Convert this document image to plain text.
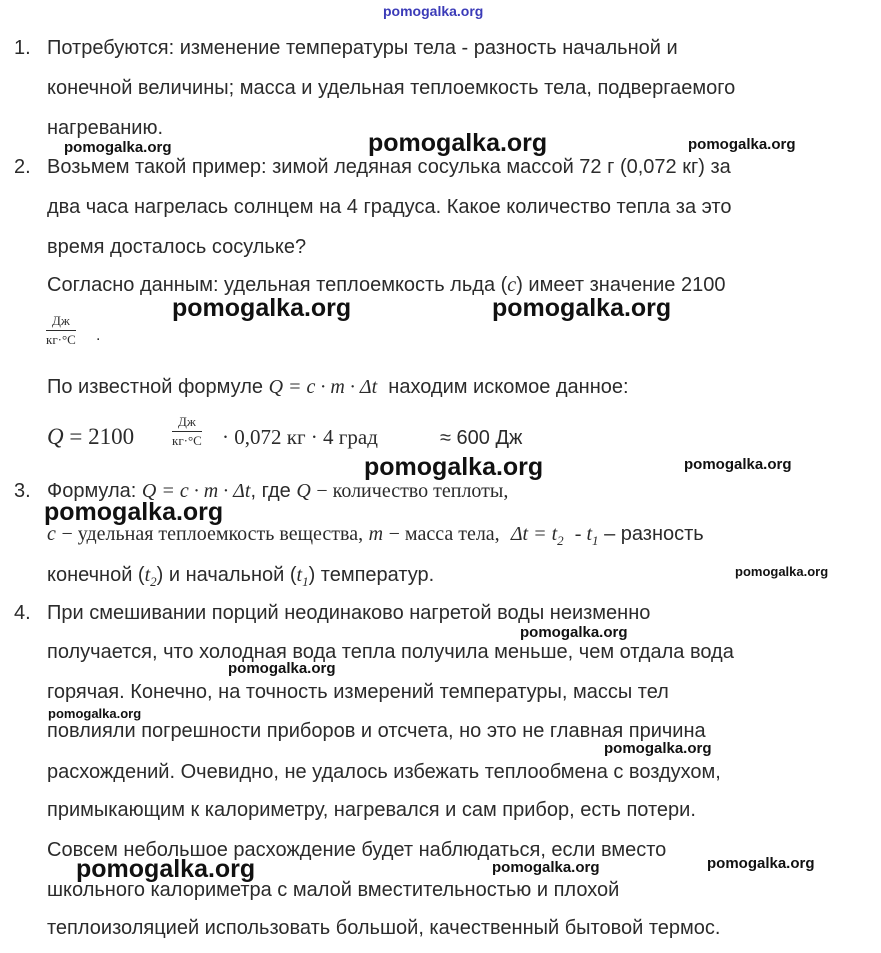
pomogalka.org
1. Потребуются: изменение температуры тела - разность начальной и
конечной величины; масса и удельная теплоемкость тела, подвергаемого
нагреванию.
2. Возьмем такой пример: зимой ледяная сосулька массой 72 г (0,072 кг) за
два часа нагрелась солнцем на 4 градуса. Какое количество тепла за это
время досталось сосульке?
Согласно данным: удельная теплоемкость льда (c) имеет значение 2100
Дж
кг·°C .
По известной формуле Q = c · m · Δt находим искомое данное:
Q = 2100
Дж
кг·°C · 0,072 кг · 4 град	≈ 600 Дж
3. Формула: Q = c · m · Δt, где Q − количество теплоты,
c − удельная теплоемкость вещества, m − масса тела, $\Delta t = t_2 - t_1$ – разность
конечной $(t_2)$ и начальной $(t_1)$ температур.
4. При смешивании порций неодинаково нагретой воды неизменно
получается, что холодная вода тепла получила меньше, чем отдала вода
горячая. Конечно, на точность измерений температуры, массы тел
повлияли погрешности приборов и отсчета, но это не главная причина
расхождений. Очевидно, не удалось избежать теплообмена с воздухом,
примыкающим к калориметру, нагревался и сам прибор, есть потери.
Совсем небольшое расхождение будет наблюдаться, если вместо
школьного калориметра с малой вместительностью и плохой
теплоизоляцией использовать большой, качественный бытовой термос.
pomogalka.org	pomogalka.org	pomogalka.org
pomogalka.org	pomogalka.org
pomogalka.org	pomogalka.org
pomogalka.org
pomogalka.org
pomogalka.org
pomogalka.org
pomogalka.org
pomogalka.org
pomogalka.org	pomogalka.org	pomogalka.org
